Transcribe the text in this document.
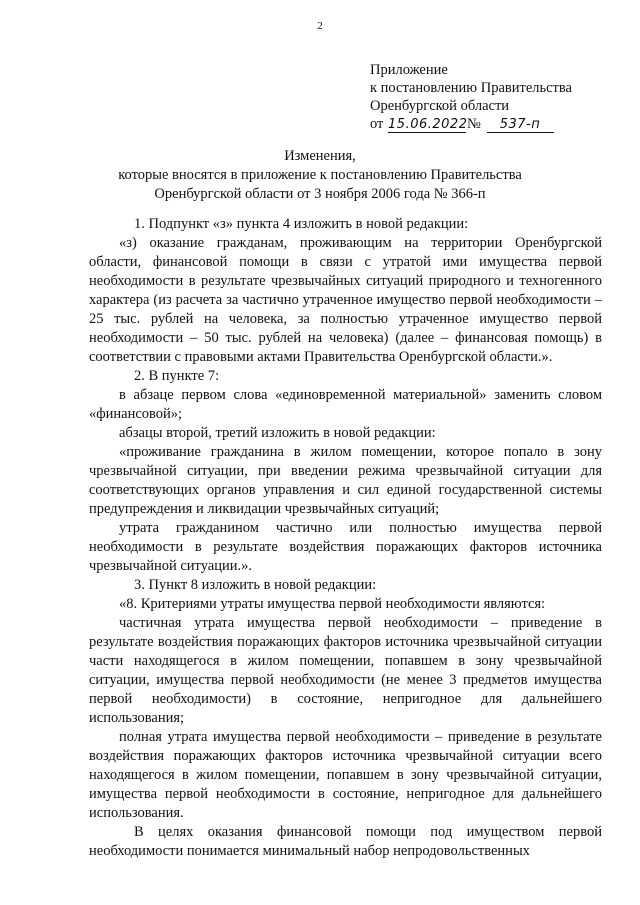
2
Приложение
к постановлению Правительства
Оренбургской области
от 15.06.2022№ 537-п
Изменения,
которые вносятся в приложение к постановлению Правительства
Оренбургской области от 3 ноября 2006 года № 366-п

1. Подпункт «з» пункта 4 изложить в новой редакции:

«з) оказание гражданам, проживающим на территории Оренбургской области, финансовой помощи в связи с утратой ими имущества первой необходимости в результате чрезвычайных ситуаций природного и техногенного характера (из расчета за частично утраченное имущество первой необходимости – 25 тыс. рублей на человека, за полностью утраченное имущество первой необходимости – 50 тыс. рублей на человека) (далее – финансовая помощь) в соответствии с правовыми актами Правительства Оренбургской области.».

2. В пункте 7:

в абзаце первом слова «единовременной материальной» заменить словом «финансовой»;

абзацы второй, третий изложить в новой редакции:

«проживание гражданина в жилом помещении, которое попало в зону чрезвычайной ситуации, при введении режима чрезвычайной ситуации для соответствующих органов управления и сил единой государственной системы предупреждения и ликвидации чрезвычайных ситуаций;

утрата гражданином частично или полностью имущества первой необходимости в результате воздействия поражающих факторов источника чрезвычайной ситуации.».

3. Пункт 8 изложить в новой редакции:

«8. Критериями утраты имущества первой необходимости являются:

частичная утрата имущества первой необходимости – приведение в результате воздействия поражающих факторов источника чрезвычайной ситуации части находящегося в жилом помещении, попавшем в зону чрезвычайной ситуации, имущества первой необходимости (не менее 3 предметов имущества первой необходимости) в состояние, непригодное для дальнейшего использования;

полная утрата имущества первой необходимости – приведение в результате воздействия поражающих факторов источника чрезвычайной ситуации всего находящегося в жилом помещении, попавшем в зону чрезвычайной ситуации, имущества первой необходимости в состояние, непригодное для дальнейшего использования.

В целях оказания финансовой помощи под имуществом первой необходимости понимается минимальный набор непродовольственных
